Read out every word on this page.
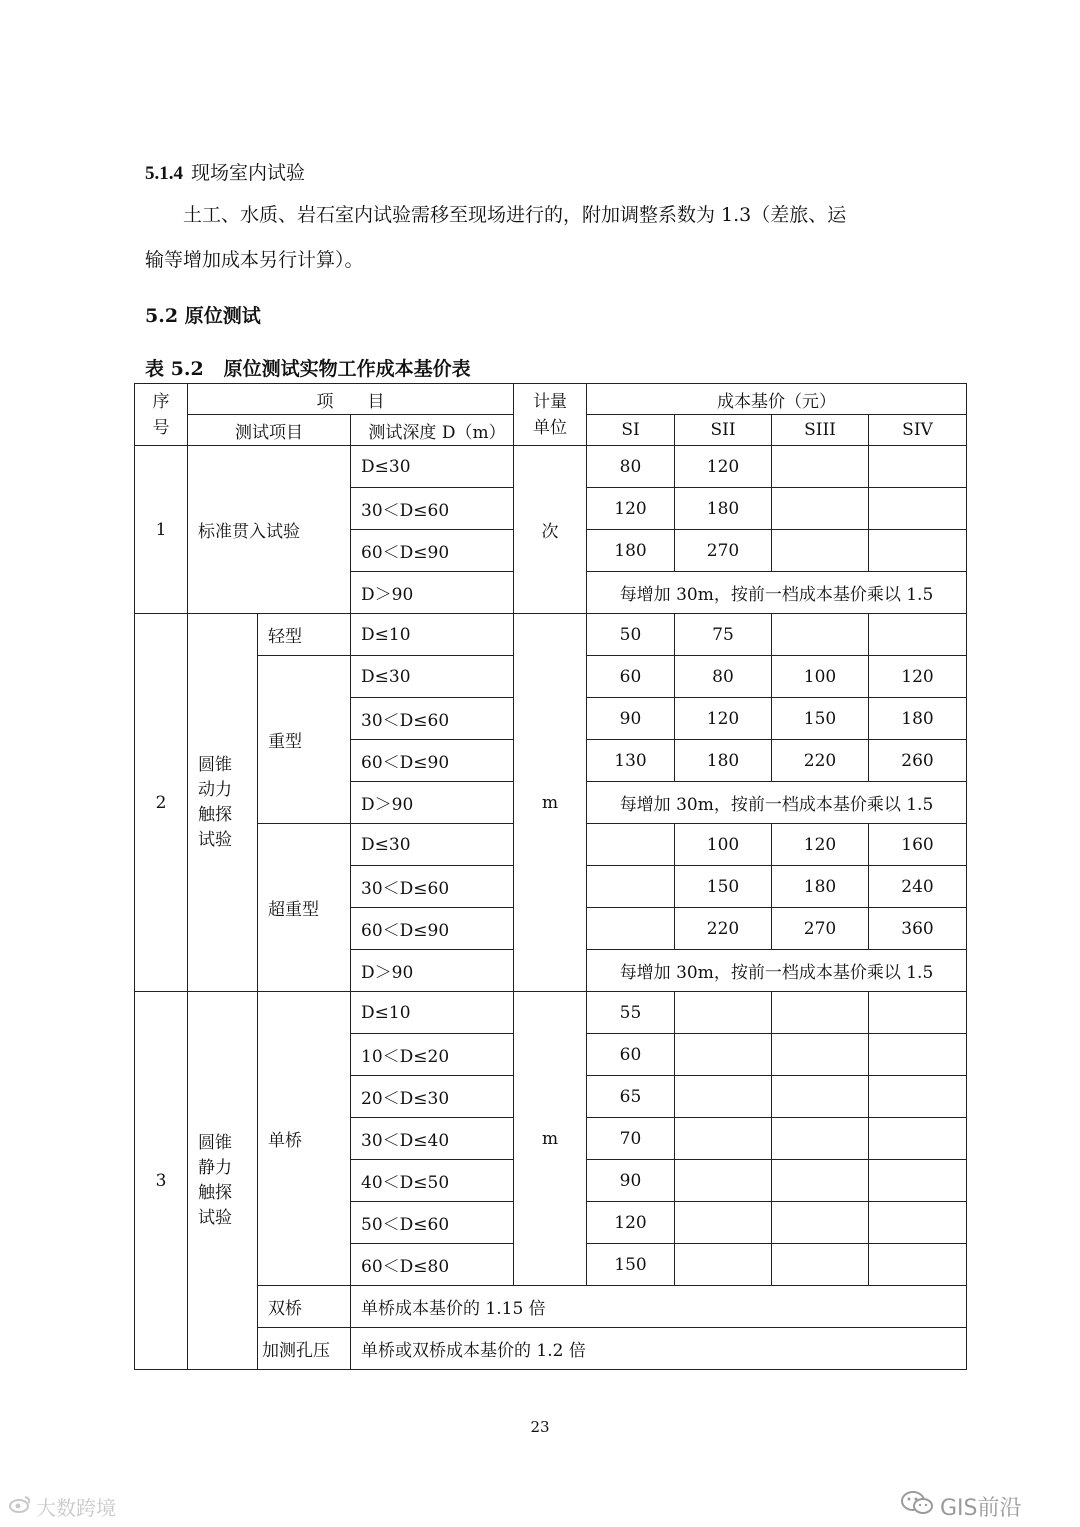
5.1.4 现场室内试验
土工、水质、岩石室内试验需移至现场进行的，附加调整系数为 1.3（差旅、运
输等增加成本另行计算）。
5.2 原位测试
表 5.2 原位测试实物工作成本基价表
序号	项　　目			计量单位	成本基价（元）			
	测试项目		测试深度 D（m）		SI	SII	SIII	SIV
1	标准贯入试验		D≤30	次	80	120		
			30＜D≤60		120	180		
			60＜D≤90		180	270		
			D＞90		每增加 30m，按前一档成本基价乘以 1.5			
2	圆锥动力触探试验	轻型	D≤10	m	50	75		
		重型	D≤30		60	80	100	120
			30＜D≤60		90	120	150	180
			60＜D≤90		130	180	220	260
			D＞90		每增加 30m，按前一档成本基价乘以 1.5			
		超重型	D≤30			100	120	160
			30＜D≤60			150	180	240
			60＜D≤90			220	270	360
			D＞90		每增加 30m，按前一档成本基价乘以 1.5			
3	圆锥静力触探试验	单桥	D≤10	m	55			
			10＜D≤20		60			
			20＜D≤30		65			
			30＜D≤40		70			
			40＜D≤50		90			
			50＜D≤60		120			
			60＜D≤80		150			
		双桥	单桥成本基价的 1.15 倍					
		加测孔压	单桥或双桥成本基价的 1.2 倍					
23
大数跨境	GIS前沿
